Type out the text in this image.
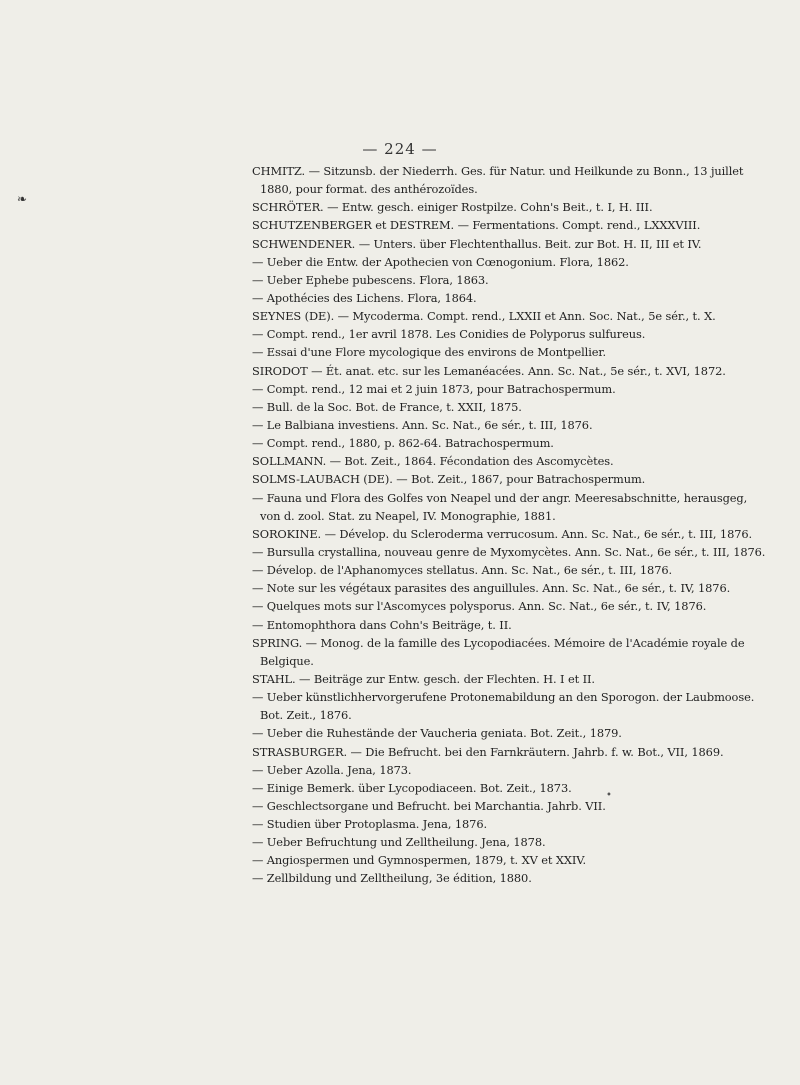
— 224 —
❧
•
CHMITZ. — Sitzunsb. der Niederrh. Ges. für Natur. und Heilkunde zu Bonn., 13 juillet
1880, pour format. des anthérozoïdes.
SCHRÖTER. — Entw. gesch. einiger Rostpilze. Cohn's Beit., t. I, H. III.
SCHUTZENBERGER et DESTREM. — Fermentations. Compt. rend., LXXXVIII.
SCHWENDENER. — Unters. über Flechtenthallus. Beit. zur Bot. H. II, III et IV.
— Ueber die Entw. der Apothecien von Cœnogonium. Flora, 1862.
— Ueber Ephebe pubescens. Flora, 1863.
— Apothécies des Lichens. Flora, 1864.
SEYNES (DE). — Mycoderma. Compt. rend., LXXII et Ann. Soc. Nat., 5e sér., t. X.
— Compt. rend., 1er avril 1878. Les Conidies de Polyporus sulfureus.
— Essai d'une Flore mycologique des environs de Montpellier.
SIRODOT — Ét. anat. etc. sur les Lemanéacées. Ann. Sc. Nat., 5e sér., t. XVI, 1872.
— Compt. rend., 12 mai et 2 juin 1873, pour Batrachospermum.
— Bull. de la Soc. Bot. de France, t. XXII, 1875.
— Le Balbiana investiens. Ann. Sc. Nat., 6e sér., t. III, 1876.
— Compt. rend., 1880, p. 862-64. Batrachospermum.
SOLLMANN. — Bot. Zeit., 1864. Fécondation des Ascomycètes.
SOLMS-LAUBACH (DE). — Bot. Zeit., 1867, pour Batrachospermum.
— Fauna und Flora des Golfes von Neapel und der angr. Meeresabschnitte, herausgeg,
von d. zool. Stat. zu Neapel, IV. Monographie, 1881.
SOROKINE. — Dévelop. du Scleroderma verrucosum. Ann. Sc. Nat., 6e sér., t. III, 1876.
— Bursulla crystallina, nouveau genre de Myxomycètes. Ann. Sc. Nat., 6e sér., t. III, 1876.
— Dévelop. de l'Aphanomyces stellatus. Ann. Sc. Nat., 6e sér., t. III, 1876.
— Note sur les végétaux parasites des anguillules. Ann. Sc. Nat., 6e sér., t. IV, 1876.
— Quelques mots sur l'Ascomyces polysporus. Ann. Sc. Nat., 6e sér., t. IV, 1876.
— Entomophthora dans Cohn's Beiträge, t. II.
SPRING. — Monog. de la famille des Lycopodiacées. Mémoire de l'Académie royale de
Belgique.
STAHL. — Beiträge zur Entw. gesch. der Flechten. H. I et II.
— Ueber künstlichhervorgerufene Protonemabildung an den Sporogon. der Laubmoose.
Bot. Zeit., 1876.
— Ueber die Ruhestände der Vaucheria geniata. Bot. Zeit., 1879.
STRASBURGER. — Die Befrucht. bei den Farnkräutern. Jahrb. f. w. Bot., VII, 1869.
— Ueber Azolla. Jena, 1873.
— Einige Bemerk. über Lycopodiaceen. Bot. Zeit., 1873.
— Geschlectsorgane und Befrucht. bei Marchantia. Jahrb. VII.
— Studien über Protoplasma. Jena, 1876.
— Ueber Befruchtung und Zelltheilung. Jena, 1878.
— Angiospermen und Gymnospermen, 1879, t. XV et XXIV.
— Zellbildung und Zelltheilung, 3e édition, 1880.
